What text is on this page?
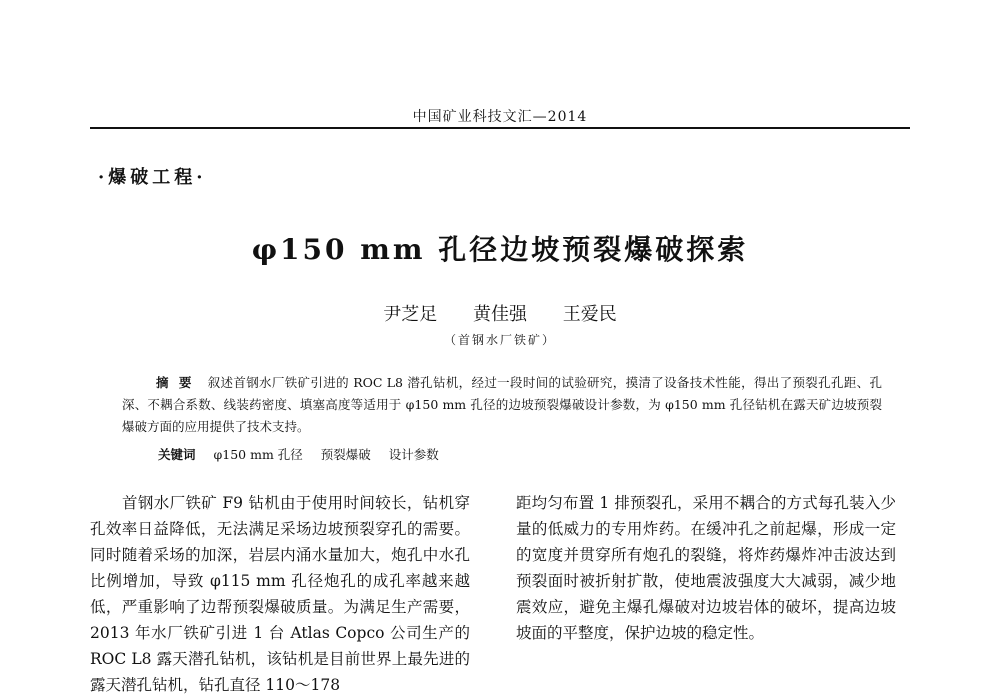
中国矿业科技文汇—2014
·爆破工程·
φ150 mm 孔径边坡预裂爆破探索
尹芝足 黄佳强 王爱民
（首钢水厂铁矿）

摘要 叙述首钢水厂铁矿引进的 ROC L8 潜孔钻机，经过一段时间的试验研究，摸清了设备技术性能，得出了预裂孔孔距、孔深、不耦合系数、线装药密度、填塞高度等适用于 φ150 mm 孔径的边坡预裂爆破设计参数，为 φ150 mm 孔径钻机在露天矿边坡预裂爆破方面的应用提供了技术支持。

关键词 φ150 mm 孔径 预裂爆破 设计参数

首钢水厂铁矿 F9 钻机由于使用时间较长，钻机穿孔效率日益降低，无法满足采场边坡预裂穿孔的需要。同时随着采场的加深，岩层内涌水量加大，炮孔中水孔比例增加，导致 φ115 mm 孔径炮孔的成孔率越来越低，严重影响了边帮预裂爆破质量。为满足生产需要，2013 年水厂铁矿引进 1 台 Atlas Copco 公司生产的 ROC L8 露天潜孔钻机，该钻机是目前世界上最先进的露天潜孔钻机，钻孔直径 110～178

距均匀布置 1 排预裂孔，采用不耦合的方式每孔装入少量的低威力的专用炸药。在缓冲孔之前起爆，形成一定的宽度并贯穿所有炮孔的裂缝，将炸药爆炸冲击波达到预裂面时被折射扩散，使地震波强度大大减弱，减少地震效应，避免主爆孔爆破对边坡岩体的破坏，提高边坡坡面的平整度，保护边坡的稳定性。
